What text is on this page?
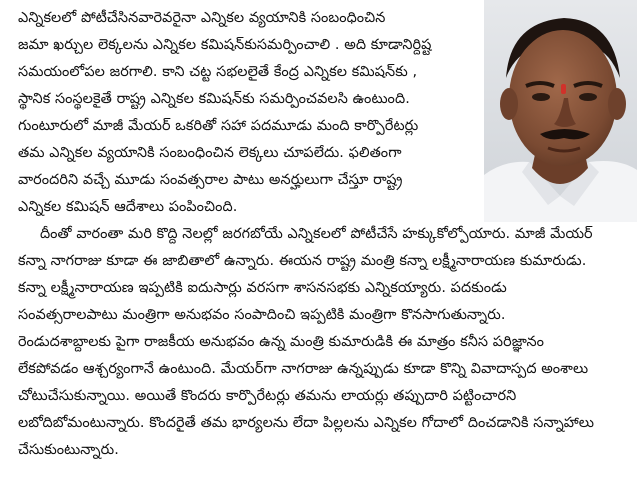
ఎన్నికలలో పోటీచేసినవారెవరైనా ఎన్నికల వ్యయానికి సంబంధించిన
జమా ఖర్చుల లెక్కలను ఎన్నికల కమిషన్‌కుసమర్పించాలి . అది కూడానిర్దిష్ట
సమయంలోపల జరగాలి. కాని చట్ట సభలలైతే కేంద్ర ఎన్నికల కమిషన్‌కు ,
స్థానిక సంస్థలకైతే రాష్ట్ర ఎన్నికల కమిషన్‌కు సమర్పించవలసి ఉంటుంది.
గుంటూరులో మాజీ మేయర్ ఒకరితో సహా పదమూడు మంది కార్పొరేటర్లు
తమ ఎన్నికల వ్యయానికి సంబంధించిన లెక్కలు చూపలేదు. ఫలితంగా
వారందరిని వచ్చే మూడు సంవత్సరాల పాటు అనర్హులుగా చేస్తూ రాష్ట్ర
ఎన్నికల కమిషన్ ఆదేశాలు పంపించింది.
దీంతో వారంతా మరి కొద్ది నెలల్లో జరగబోయే ఎన్నికలలో పోటీచేసే హక్కుకోల్పోయారు. మాజీ మేయర్
కన్నా నాగరాజు కూడా ఈ జాబితాలో ఉన్నారు. ఈయన రాష్ట్ర మంత్రి కన్నా లక్ష్మీనారాయణ కుమారుడు.
కన్నా లక్ష్మీనారాయణ ఇప్పటికి ఐదుసార్లు వరసగా శాసనసభకు ఎన్నికయ్యారు. పదకుండు
సంవత్సరాలపాటు మంత్రిగా అనుభవం సంపాదించి ఇప్పటికి మంత్రిగా కొనసాగుతున్నారు.
రెండుదశాబ్దాలకు పైగా రాజకీయ అనుభవం ఉన్న మంత్రి కుమారుడికి ఈ మాత్రం కనీస పరిజ్ఞానం
లేకపోవడం ఆశ్చర్యంగానే ఉంటుంది. మేయర్‌గా నాగరాజు ఉన్నప్పుడు కూడా కొన్ని వివాదాస్పద అంశాలు
చోటుచేసుకున్నాయి. అయితే కొందరు కార్పొరేటర్లు తమను లాయర్లు తప్పుదారి పట్టించారని
లబోదిబోమంటున్నారు. కొందరైతే తమ భార్యలను లేదా పిల్లలను ఎన్నికల గోదాలో దించడానికి సన్నాహాలు
చేసుకుంటున్నారు.
